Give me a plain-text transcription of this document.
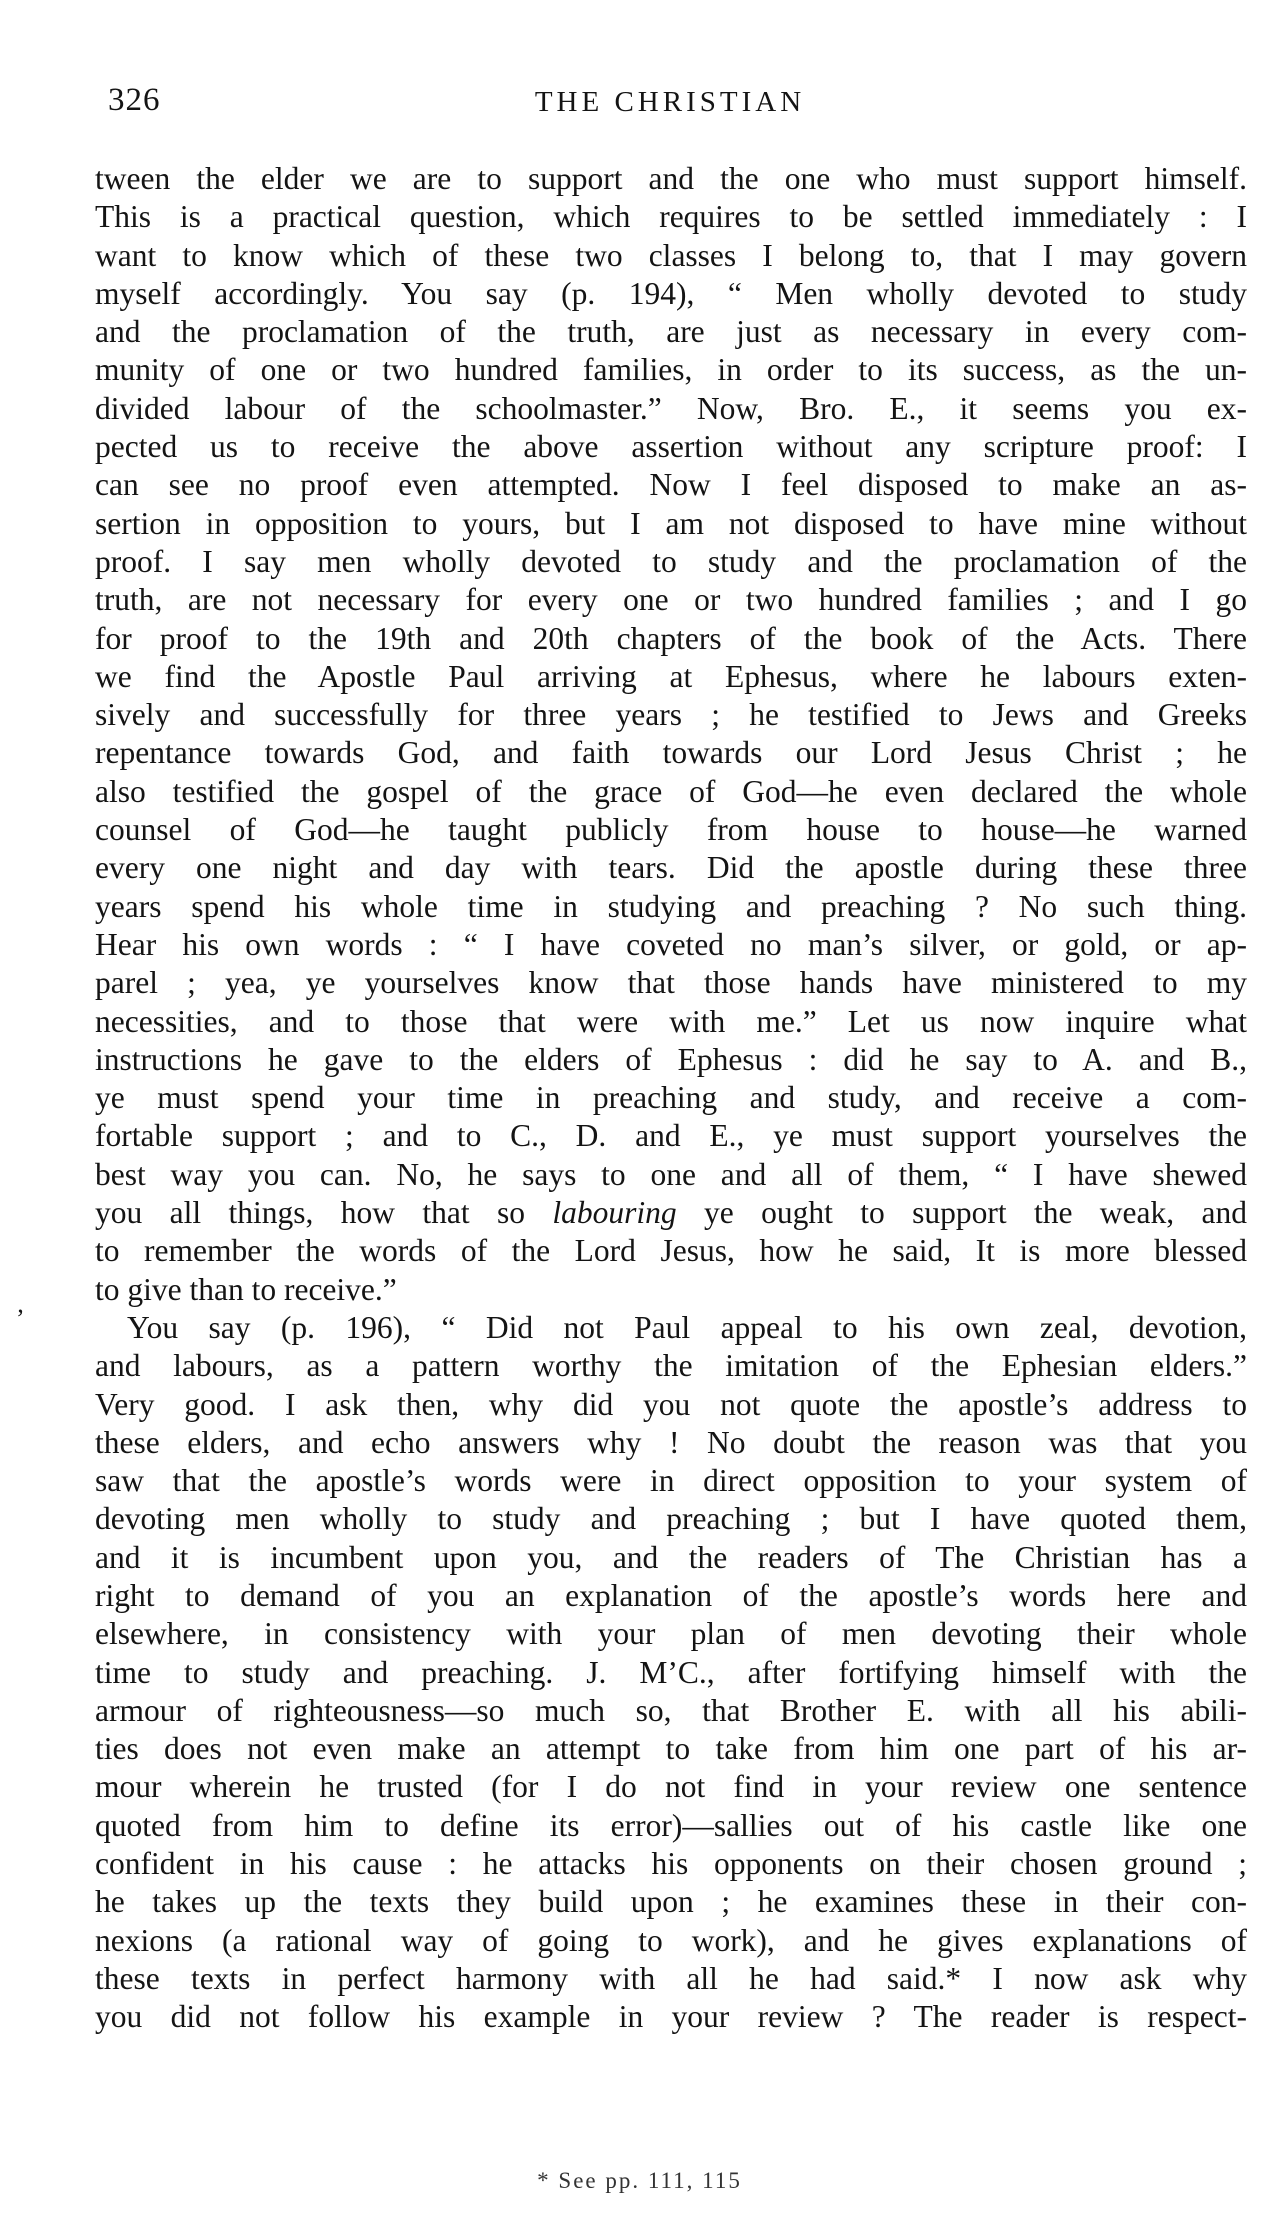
326	THE CHRISTIAN
’
tween the elder we are to support and the one who must support himself.
This is a practical question, which requires to be settled immediately : I
want to know which of these two classes I belong to, that I may govern
myself accordingly. You say (p. 194), “ Men wholly devoted to study
and the proclamation of the truth, are just as necessary in every com-
munity of one or two hundred families, in order to its success, as the un-
divided labour of the schoolmaster.” Now, Bro. E., it seems you ex-
pected us to receive the above assertion without any scripture proof: I
can see no proof even attempted. Now I feel disposed to make an as-
sertion in opposition to yours, but I am not disposed to have mine without
proof. I say men wholly devoted to study and the proclamation of the
truth, are not necessary for every one or two hundred families ; and I go
for proof to the 19th and 20th chapters of the book of the Acts. There
we find the Apostle Paul arriving at Ephesus, where he labours exten-
sively and successfully for three years ; he testified to Jews and Greeks
repentance towards God, and faith towards our Lord Jesus Christ ; he
also testified the gospel of the grace of God—he even declared the whole
counsel of God—he taught publicly from house to house—he warned
every one night and day with tears. Did the apostle during these three
years spend his whole time in studying and preaching ? No such thing.
Hear his own words : “ I have coveted no man’s silver, or gold, or ap-
parel ; yea, ye yourselves know that those hands have ministered to my
necessities, and to those that were with me.” Let us now inquire what
instructions he gave to the elders of Ephesus : did he say to A. and B.,
ye must spend your time in preaching and study, and receive a com-
fortable support ; and to C., D. and E., ye must support yourselves the
best way you can. No, he says to one and all of them, “ I have shewed
you all things, how that so labouring ye ought to support the weak, and
to remember the words of the Lord Jesus, how he said, It is more blessed
to give than to receive.”
You say (p. 196), “ Did not Paul appeal to his own zeal, devotion,
and labours, as a pattern worthy the imitation of the Ephesian elders.”
Very good. I ask then, why did you not quote the apostle’s address to
these elders, and echo answers why ! No doubt the reason was that you
saw that the apostle’s words were in direct opposition to your system of
devoting men wholly to study and preaching ; but I have quoted them,
and it is incumbent upon you, and the readers of The Christian has a
right to demand of you an explanation of the apostle’s words here and
elsewhere, in consistency with your plan of men devoting their whole
time to study and preaching. J. M’C., after fortifying himself with the
armour of righteousness—so much so, that Brother E. with all his abili-
ties does not even make an attempt to take from him one part of his ar-
mour wherein he trusted (for I do not find in your review one sentence
quoted from him to define its error)—sallies out of his castle like one
confident in his cause : he attacks his opponents on their chosen ground ;
he takes up the texts they build upon ; he examines these in their con-
nexions (a rational way of going to work), and he gives explanations of
these texts in perfect harmony with all he had said.* I now ask why
you did not follow his example in your review ? The reader is respect-
* See pp. 111, 115
